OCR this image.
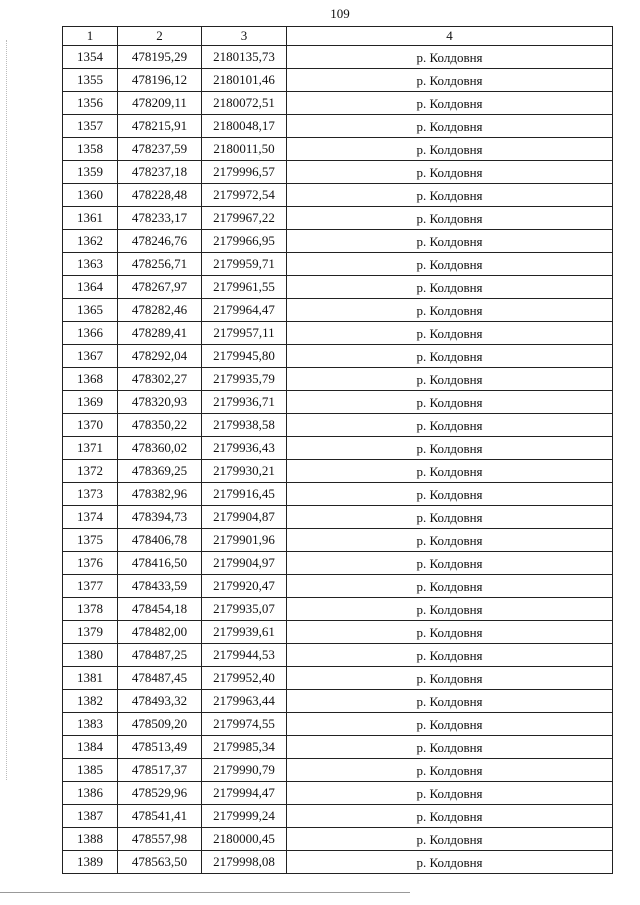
109
1	2	3	4
1354	478195,29	2180135,73	р. Колдовня
1355	478196,12	2180101,46	р. Колдовня
1356	478209,11	2180072,51	р. Колдовня
1357	478215,91	2180048,17	р. Колдовня
1358	478237,59	2180011,50	р. Колдовня
1359	478237,18	2179996,57	р. Колдовня
1360	478228,48	2179972,54	р. Колдовня
1361	478233,17	2179967,22	р. Колдовня
1362	478246,76	2179966,95	р. Колдовня
1363	478256,71	2179959,71	р. Колдовня
1364	478267,97	2179961,55	р. Колдовня
1365	478282,46	2179964,47	р. Колдовня
1366	478289,41	2179957,11	р. Колдовня
1367	478292,04	2179945,80	р. Колдовня
1368	478302,27	2179935,79	р. Колдовня
1369	478320,93	2179936,71	р. Колдовня
1370	478350,22	2179938,58	р. Колдовня
1371	478360,02	2179936,43	р. Колдовня
1372	478369,25	2179930,21	р. Колдовня
1373	478382,96	2179916,45	р. Колдовня
1374	478394,73	2179904,87	р. Колдовня
1375	478406,78	2179901,96	р. Колдовня
1376	478416,50	2179904,97	р. Колдовня
1377	478433,59	2179920,47	р. Колдовня
1378	478454,18	2179935,07	р. Колдовня
1379	478482,00	2179939,61	р. Колдовня
1380	478487,25	2179944,53	р. Колдовня
1381	478487,45	2179952,40	р. Колдовня
1382	478493,32	2179963,44	р. Колдовня
1383	478509,20	2179974,55	р. Колдовня
1384	478513,49	2179985,34	р. Колдовня
1385	478517,37	2179990,79	р. Колдовня
1386	478529,96	2179994,47	р. Колдовня
1387	478541,41	2179999,24	р. Колдовня
1388	478557,98	2180000,45	р. Колдовня
1389	478563,50	2179998,08	р. Колдовня
